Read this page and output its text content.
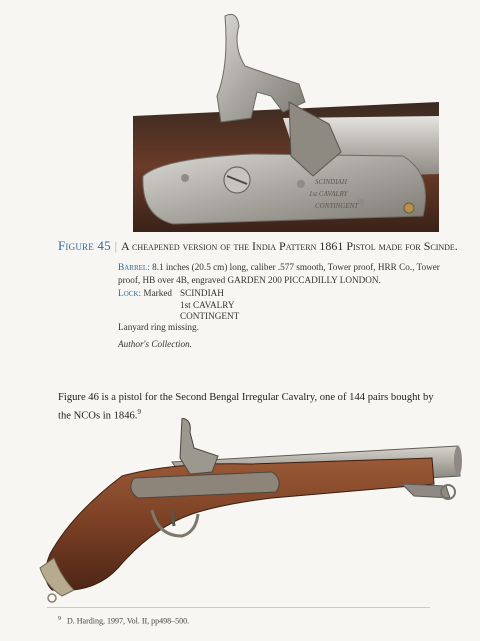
SCINDIAH
1st CAVALRY
CONTINGENT
Figure 45 | A cheapened version of the India Pattern 1861 Pistol made for Scinde.
Barrel: 8.1 inches (20.5 cm) long, caliber .577 smooth, Tower proof, HRR Co., Tower proof, HB over 4B, engraved GARDEN 200 PICCADILLY LONDON.
Lock: Marked SCINDIAH
1st CAVALRY
CONTINGENT
Lanyard ring missing.
Author's Collection.
Figure 46 is a pistol for the Second Bengal Irregular Cavalry, one of 144 pairs bought by the NCOs in 1846.$^9$
$^9$ D. Harding, 1997, Vol. II, pp498–500.
